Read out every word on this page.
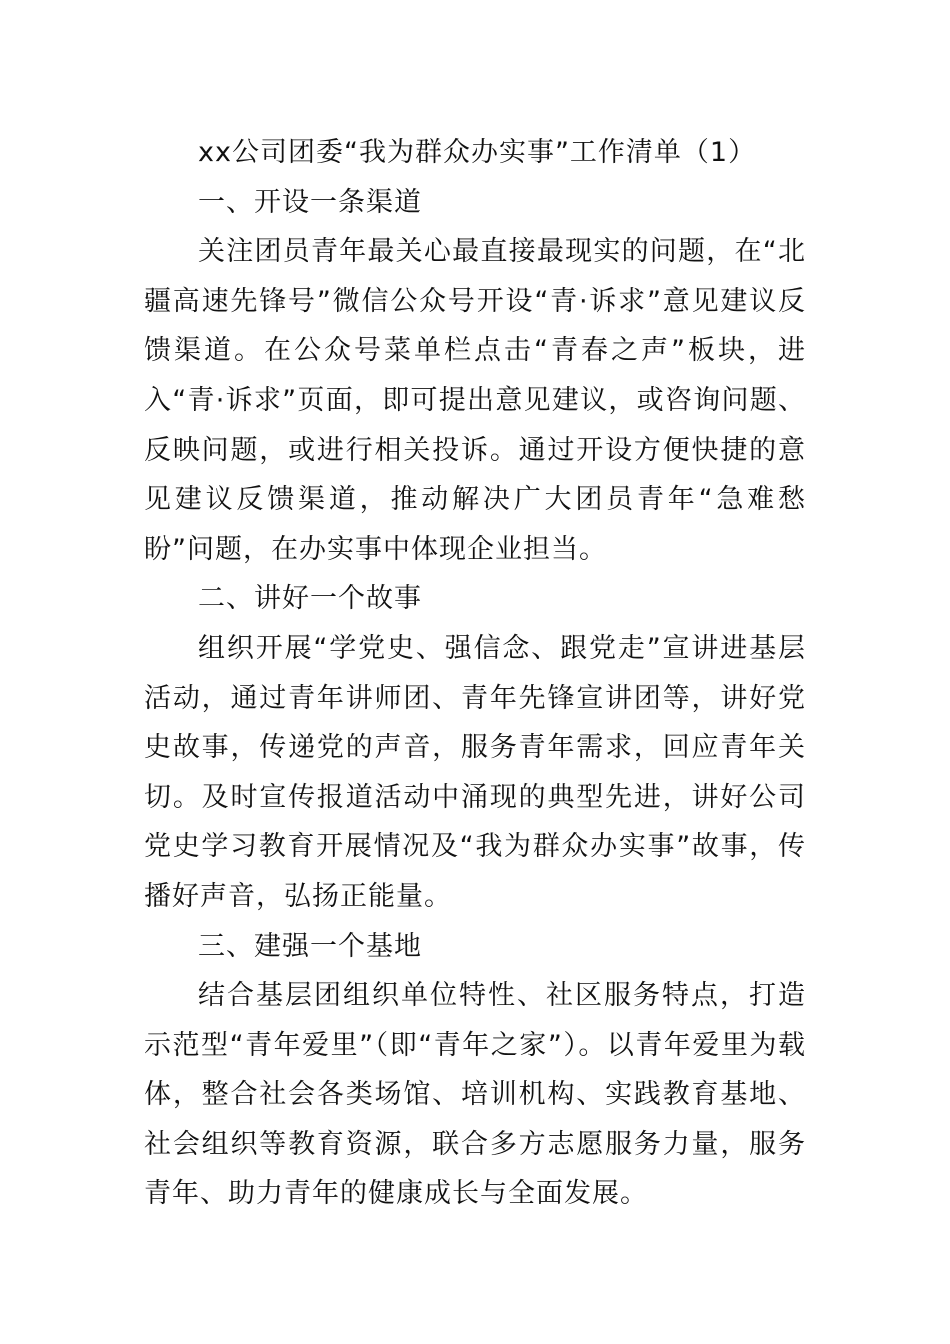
xx公司团委“我为群众办实事”工作清单（1）

一、开设一条渠道

关注团员青年最关心最直接最现实的问题，在“北疆高速先锋号”微信公众号开设“青·诉求”意见建议反馈渠道。在公众号菜单栏点击“青春之声”板块，进入“青·诉求”页面，即可提出意见建议，或咨询问题、反映问题，或进行相关投诉。通过开设方便快捷的意见建议反馈渠道，推动解决广大团员青年“急难愁盼”问题，在办实事中体现企业担当。

二、讲好一个故事

组织开展“学党史、强信念、跟党走”宣讲进基层活动，通过青年讲师团、青年先锋宣讲团等，讲好党史故事，传递党的声音，服务青年需求，回应青年关切。及时宣传报道活动中涌现的典型先进，讲好公司党史学习教育开展情况及“我为群众办实事”故事，传播好声音，弘扬正能量。

三、建强一个基地

结合基层团组织单位特性、社区服务特点，打造示范型“青年爱里”（即“青年之家”）。以青年爱里为载体，整合社会各类场馆、培训机构、实践教育基地、社会组织等教育资源，联合多方志愿服务力量，服务青年、助力青年的健康成长与全面发展。
